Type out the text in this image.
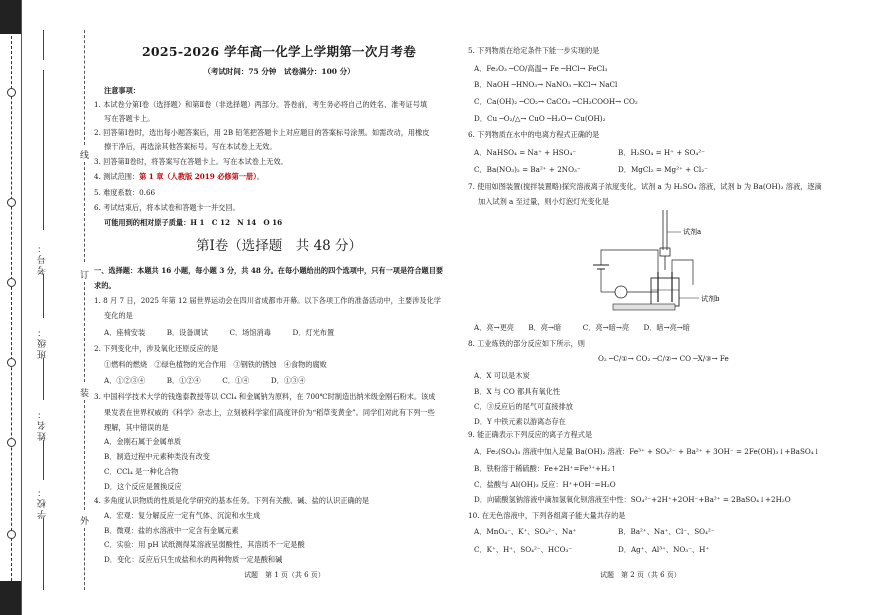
学校：
姓名：
班级：
考号：
线
订
装
外
2025-2026 学年高一化学上学期第一次月考卷
（考试时间：75 分钟　试卷满分：100 分）
注意事项：
1. 本试卷分第Ⅰ卷（选择题）和第Ⅱ卷（非选择题）两部分。答卷前，考生务必将自己的姓名、准考证号填
写在答题卡上。
2. 回答第Ⅰ卷时，选出每小题答案后，用 2B 铅笔把答题卡上对应题目的答案标号涂黑。如需改动，用橡皮
擦干净后，再选涂其他答案标号。写在本试卷上无效。
3. 回答第Ⅱ卷时，将答案写在答题卡上。写在本试卷上无效。
4. 测试范围：第 1 章（人教版 2019 必修第一册）。
5. 难度系数：0.66
6. 考试结束后，将本试卷和答题卡一并交回。
可能用到的相对原子质量：H 1　C 12　N 14　O 16
第Ⅰ卷（选择题　共 48 分）
一、选择题：本题共 16 小题，每小题 3 分，共 48 分。在每小题给出的四个选项中，只有一项是符合题目要
求的。
1. 8 月 7 日，2025 年第 12 届世界运动会在四川省成都市开幕。以下各项工作的准备活动中，主要涉及化学
变化的是
A．座椅安装　　　B．设备调试　　　C．场馆消毒　　　D．灯光布置
2. 下列变化中，涉及氧化还原反应的是
①燃料的燃烧　②绿色植物的光合作用　③钢铁的锈蚀　④食物的腐败
A．①②③④　　　B．①②④　　　C．①④　　　D．①③④
3. 中国科学技术大学的钱逸泰教授等以 CCl₄ 和金属钠为原料，在 700℃时制造出纳米级金刚石粉末。该成
果发表在世界权威的《科学》杂志上，立刻被科学家们高度评价为“稻草变黄金”。同学们对此有下列一些
理解，其中错误的是
A．金刚石属于金属单质
B．制造过程中元素种类没有改变
C．CCl₄ 是一种化合物
D．这个反应是置换反应
4. 多角度认识物质的性质是化学研究的基本任务。下列有关酸、碱、盐的认识正确的是
A．宏观：复分解反应一定有气体、沉淀和水生成
B．微观：盐的水溶液中一定含有金属元素
C．实验：用 pH 试纸测得某溶液呈弱酸性，其溶质不一定是酸
D．变化：反应后只生成盐和水的两种物质一定是酸和碱
5. 下列物质在给定条件下能一步实现的是
A．Fe₂O₃ ─CO/高温→ Fe ─HCl→ FeCl₃
B．NaOH ─HNO₃→ NaNO₃ ─KCl→ NaCl
C．Ca(OH)₂ ─CO₂→ CaCO₃ ─CH₃COOH→ CO₂
D．Cu ─O₂/△→ CuO ─H₂O→ Cu(OH)₂
6. 下列物质在水中的电离方程式正确的是
A．NaHSO₄ = Na⁺ + HSO₄⁻	B．H₂SO₄ = H⁺ + SO₄²⁻
C．Ba(NO₃)₂ = Ba²⁺ + 2NO₃⁻	D．MgCl₂ = Mg²⁺ + Cl₂⁻
7. 使用如图装置(搅拌装置略)探究溶液离子浓度变化，试剂 a 为 H₂SO₄ 溶液，试剂 b 为 Ba(OH)₂ 溶液，逐滴
加入试剂 a 至过量，则小灯泡灯光变化是
A．亮→更亮　　B．亮→暗　　　C．亮→暗→亮　　D．暗→亮→暗
8. 工业炼铁的部分反应如下所示，则
O₂ ─C/①→ CO₂ ─C/②→ CO ─X/③→ Fe
A．X 可以是木炭
B．X 与 CO 都具有氧化性
C．③反应后的尾气可直接排放
D．Y 中铁元素以游离态存在
9. 能正确表示下列反应的离子方程式是
A．Fe₂(SO₄)₃ 溶液中加入足量 Ba(OH)₂ 溶液：Fe³⁺ + SO₄²⁻ + Ba²⁺ + 3OH⁻ = 2Fe(OH)₃↓+BaSO₄↓
B．铁粉溶于稀硫酸：Fe+2H⁺=Fe³⁺+H₂↑
C．盐酸与 Al(OH)₃ 反应：H⁺+OH⁻=H₂O
D．向硫酸氢钠溶液中滴加氢氧化钡溶液至中性：SO₄²⁻+2H⁺+2OH⁻+Ba²⁺ = 2BaSO₄↓+2H₂O
10. 在无色溶液中，下列各组离子能大量共存的是
A．MnO₄⁻、K⁺、SO₄²⁻、Na⁺	B．Ba²⁺、Na⁺、Cl⁻、SO₄²⁻
C．K⁺、H⁺、SO₄²⁻、HCO₃⁻	D．Ag⁺、Al³⁺、NO₃⁻、H⁺
试剂a
试剂b
试题　第 1 页（共 6 页）	试题　第 2 页（共 6 页）
